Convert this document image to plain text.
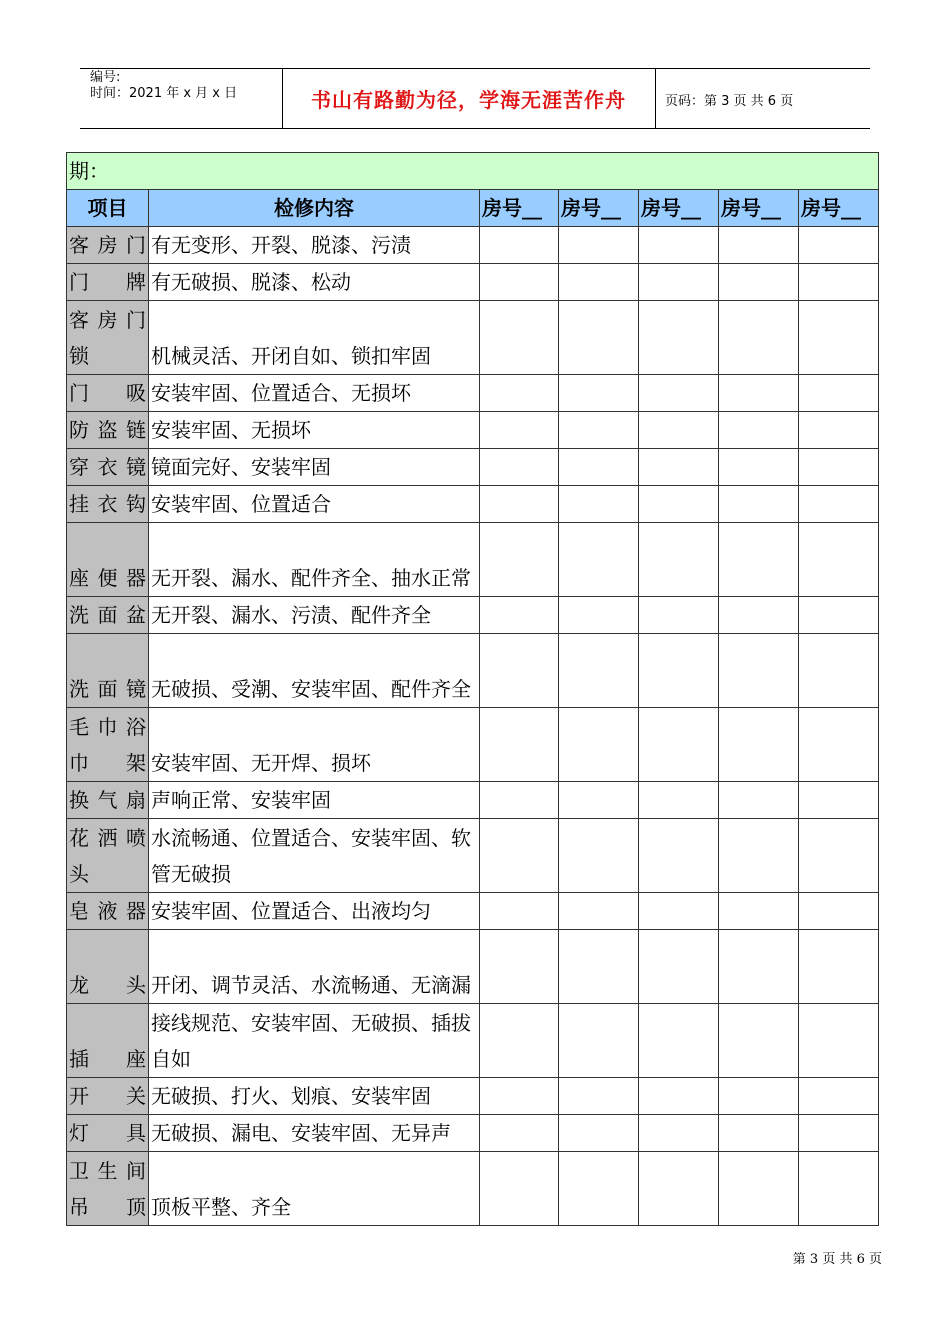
编号:
时间：2021 年 x 月 x 日	书山有路勤为径，学海无涯苦作舟	页码：第 3 页 共 6 页
期：						
项目	检修内容	房号__	房号__	房号__	房号__	房号__
客房门	有无变形、开裂、脱漆、污渍					
门　牌	有无破损、脱漆、松动					
客房门锁	机械灵活、开闭自如、锁扣牢固					
门　吸	安装牢固、位置适合、无损坏					
防盗链	安装牢固、无损坏					
穿衣镜	镜面完好、安装牢固					
挂衣钩	安装牢固、位置适合					
座便器	无开裂、漏水、配件齐全、抽水正常					
洗面盆	无开裂、漏水、污渍、配件齐全					
洗面镜	无破损、受潮、安装牢固、配件齐全					
毛巾浴巾架	安装牢固、无开焊、损坏					
换气扇	声响正常、安装牢固					
花洒喷头	水流畅通、位置适合、安装牢固、软管无破损					
皂液器	安装牢固、位置适合、出液均匀					
龙　头	开闭、调节灵活、水流畅通、无滴漏					
插　座	接线规范、安装牢固、无破损、插拔自如					
开　关	无破损、打火、划痕、安装牢固					
灯　具	无破损、漏电、安装牢固、无异声					
卫生间吊顶	顶板平整、齐全					
第 3 页 共 6 页
